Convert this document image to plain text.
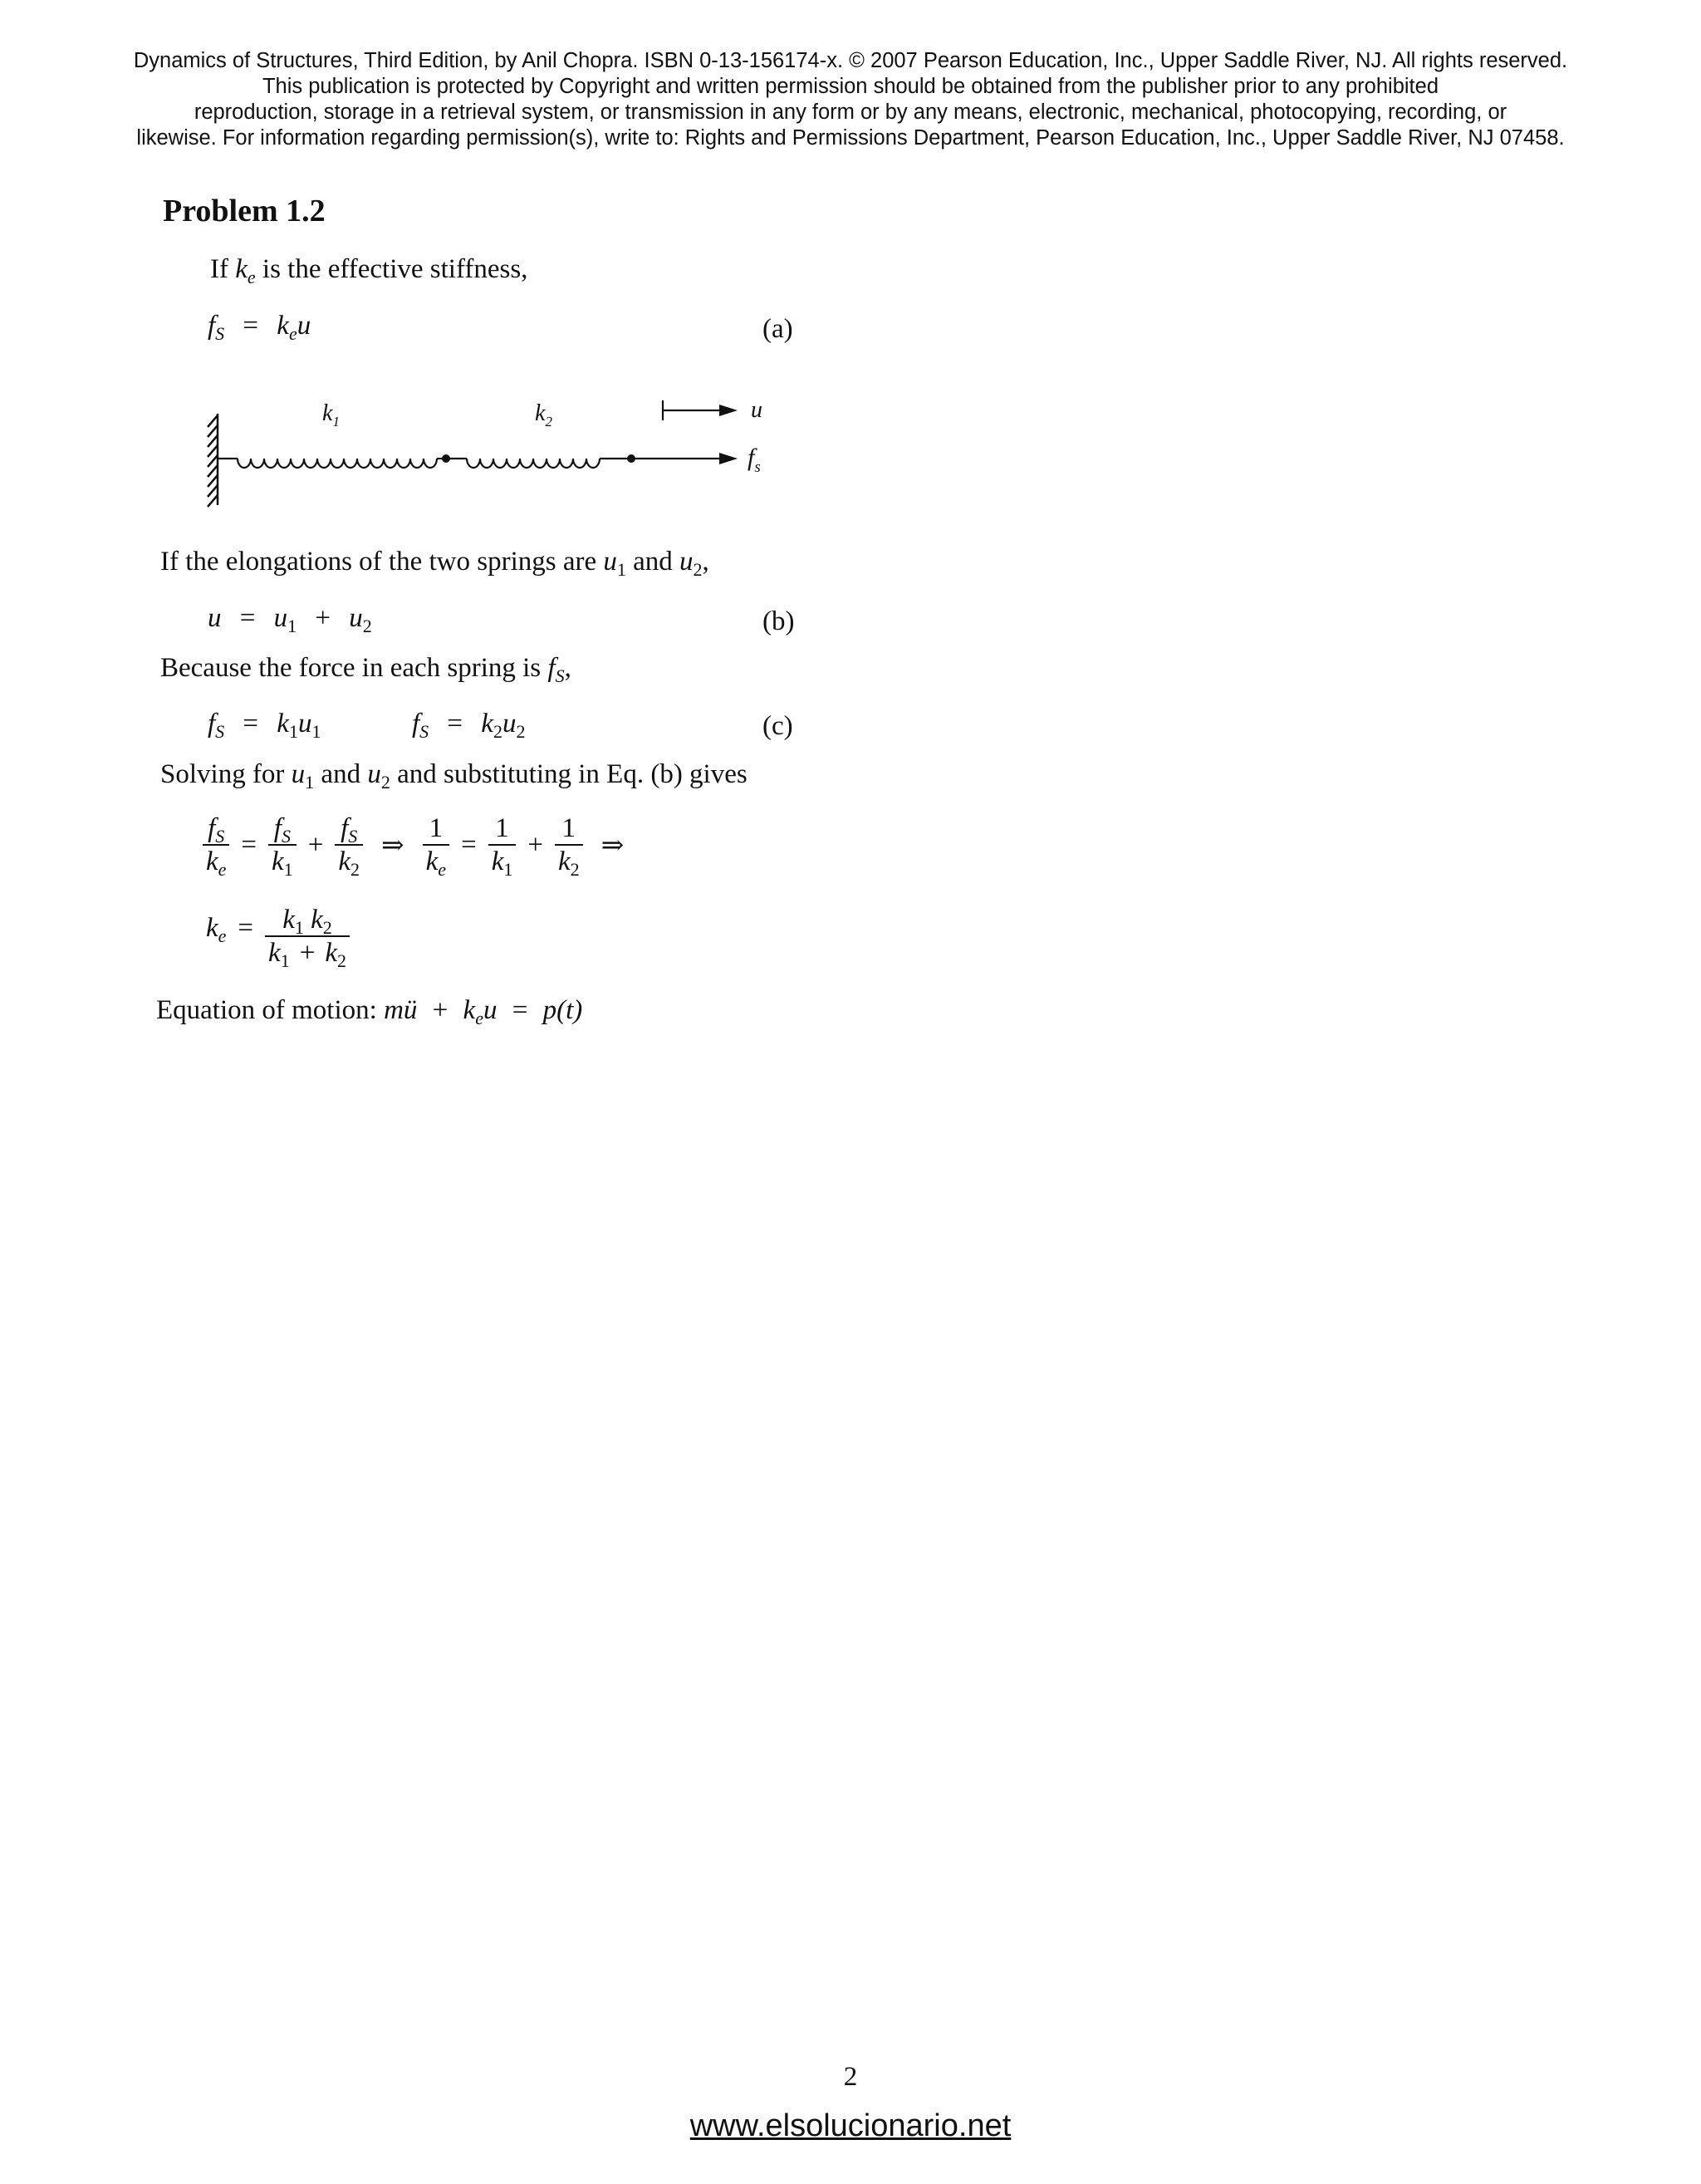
Dynamics of Structures, Third Edition, by Anil Chopra. ISBN 0-13-156174-x. © 2007 Pearson Education, Inc., Upper Saddle River, NJ. All rights reserved.
This publication is protected by Copyright and written permission should be obtained from the publisher prior to any prohibited
reproduction, storage in a retrieval system, or transmission in any form or by any means, electronic, mechanical, photocopying, recording, or
likewise. For information regarding permission(s), write to: Rights and Permissions Department, Pearson Education, Inc., Upper Saddle River, NJ 07458.
Problem 1.2
If $k_e$ is the effective stiffness,
$f_S = k_eu$	(a)
$k_1$	$k_2$	u
$f_s$
If the elongations of the two springs are $u_1$ and $u_2$,
$u = u_1 + u_2$	(b)
Because the force in each spring is $f_S$,
$f_S = k_1u_1$	$f_S = k_2u_2$	(c)
Solving for $u_1$ and $u_2$ and substituting in Eq. (b) gives
$\frac{f_S}{k_e} = \frac{f_S}{k_1} + \frac{f_S}{k_2}$ ⇒ $\frac{1}{k_e} = \frac{1}{k_1} + \frac{1}{k_2}$ ⇒
$k_e = \frac{k_1 k_2}{k_1 + k_2}$
Equation of motion: mü + $k_eu = p(t)$
2
www.elsolucionario.net
